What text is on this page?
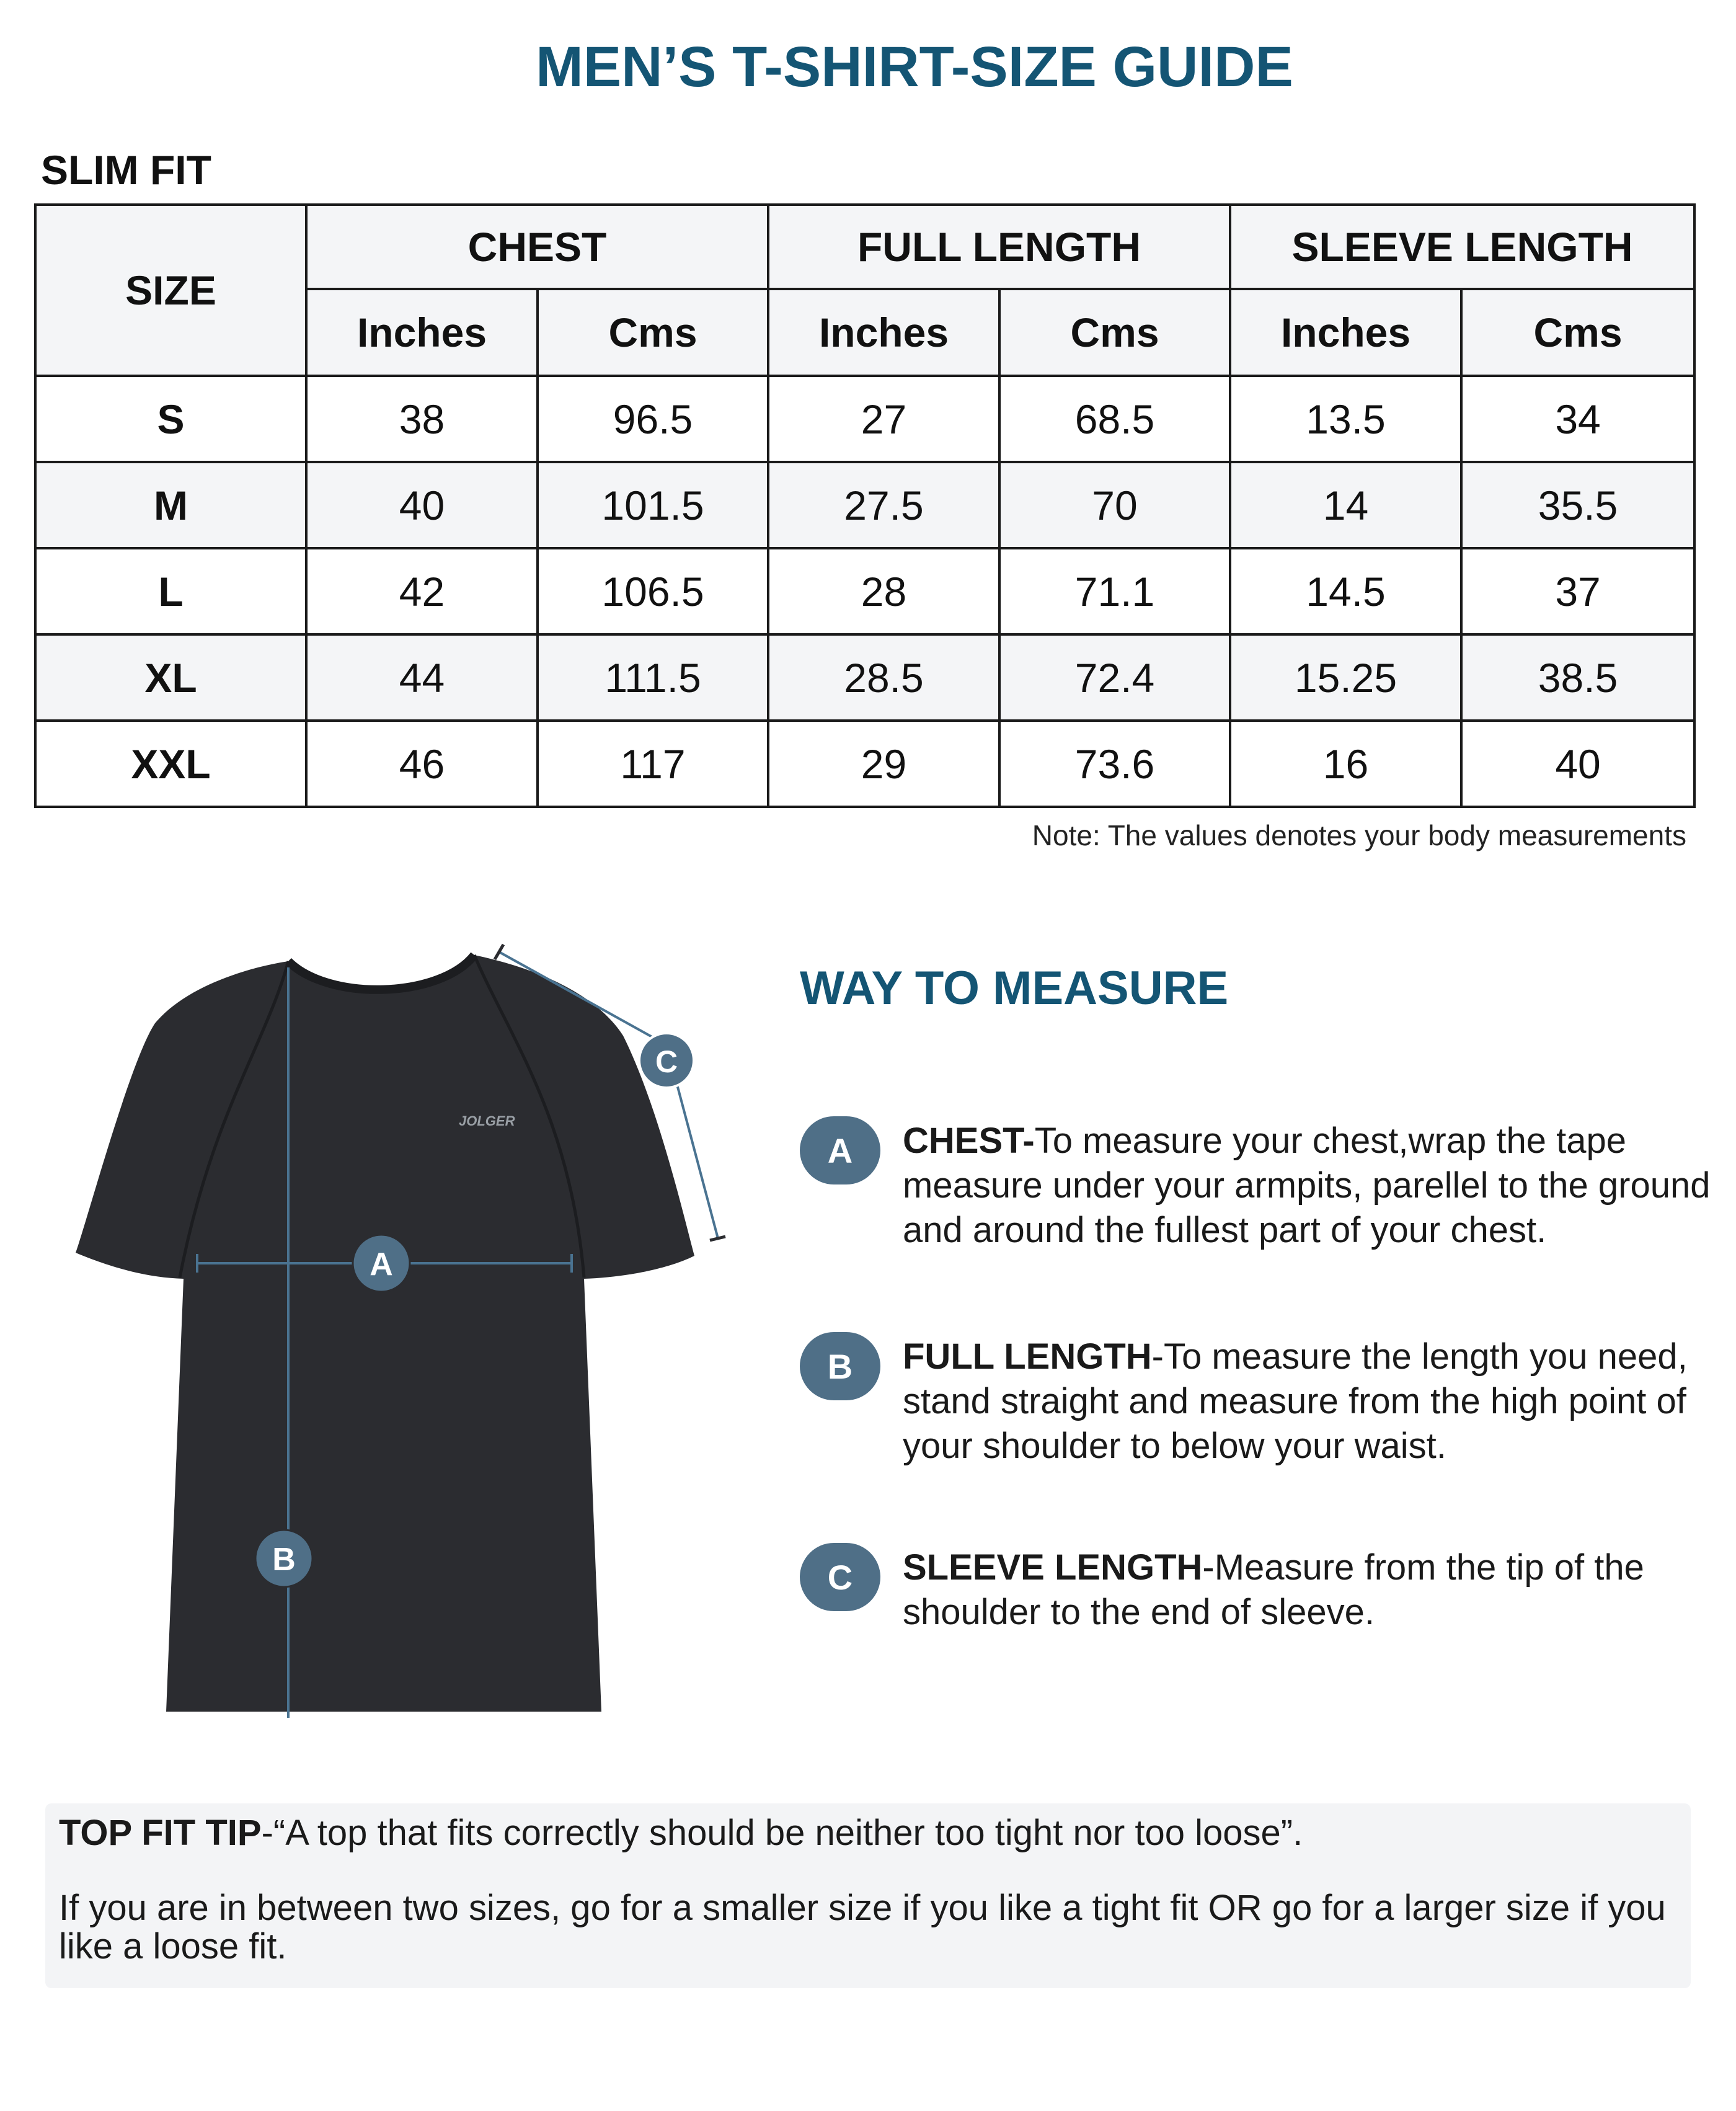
MEN’S T-SHIRT-SIZE GUIDE
SLIM FIT
SIZE	CHEST		FULL LENGTH		SLEEVE LENGTH	
	Inches	Cms	Inches	Cms	Inches	Cms
S	38	96.5	27	68.5	13.5	34
M	40	101.5	27.5	70	14	35.5
L	42	106.5	28	71.1	14.5	37
XL	44	111.5	28.5	72.4	15.25	38.5
XXL	46	117	29	73.6	16	40
Note: The values denotes your body measurements
JOLGER
A
B
C
WAY TO MEASURE
A	CHEST-To measure your chest,wrap the tape measure under your armpits, parellel to the ground and around the fullest part of your chest.
B	FULL LENGTH-To measure the length you need, stand straight and measure from the high point of your shoulder to below your waist.
C	SLEEVE LENGTH-Measure from the tip of the shoulder to the end of sleeve.
TOP FIT TIP-“A top that fits correctly should be neither too tight nor too loose”.
If you are in between two sizes, go for a smaller size if you like a tight fit OR go for a larger size if you like a loose fit.
